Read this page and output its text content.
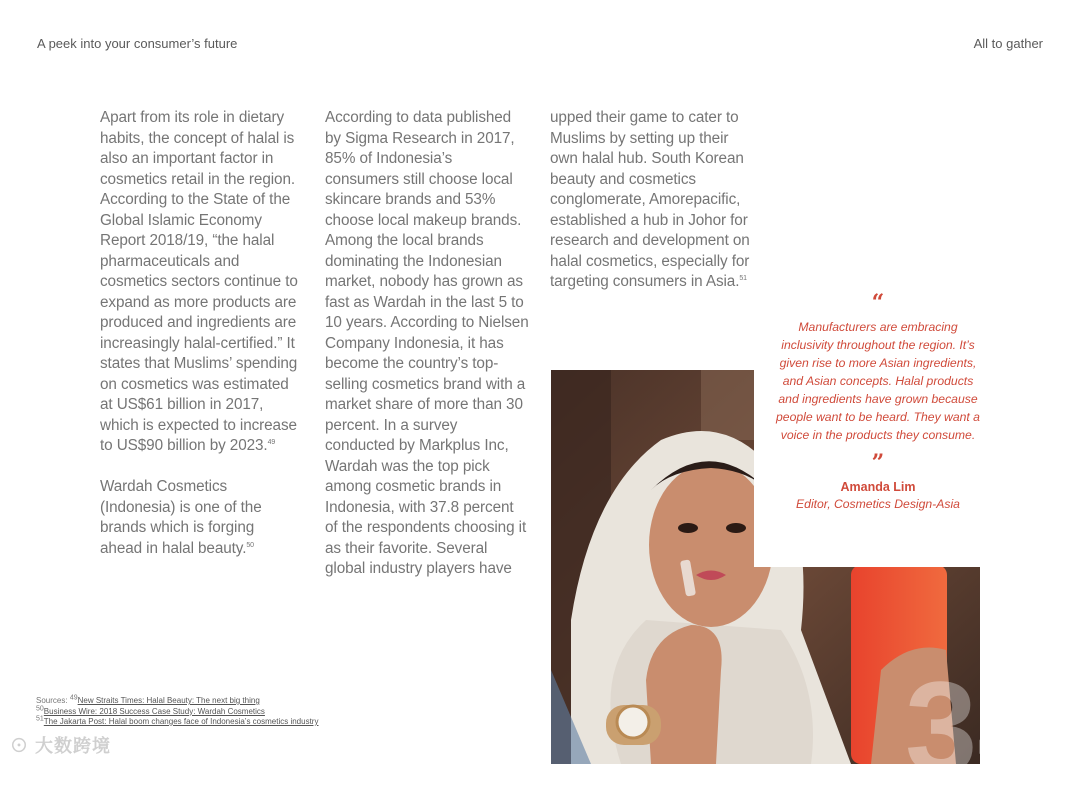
A peek into your consumer’s future	All to gather

Apart from its role in dietary habits, the concept of halal is also an important factor in cosmetics retail in the region. According to the State of the Global Islamic Economy Report 2018/19, “the halal pharmaceuticals and cosmetics sectors continue to expand as more products are produced and ingredients are increasingly halal-certified.” It states that Muslims’ spending on cosmetics was estimated at US$61 billion in 2017, which is expected to increase to US$90 billion by 2023.49

Wardah Cosmetics (Indonesia) is one of the brands which is forging ahead in halal beauty.$^{50}$

According to data published by Sigma Research in 2017, 85% of Indonesia’s consumers still choose local skincare brands and 53% choose local makeup brands. Among the local brands dominating the Indonesian market, nobody has grown as fast as Wardah in the last 5 to 10 years. According to Nielsen Company Indonesia, it has become the country’s top-selling cosmetics brand with a market share of more than 30 percent. In a survey conducted by Markplus Inc, Wardah was the top pick among cosmetic brands in Indonesia, with 37.8 percent of the respondents choosing it as their favorite. Several global industry players have

upped their game to cater to Muslims by setting up their own halal hub. South Korean beauty and cosmetics conglomerate, Amorepacific, established a hub in Johor for research and development on halal cosmetics, especially for targeting consumers in Asia.$^{51}$

“
Manufacturers are embracing inclusivity throughout the region. It’s given rise to more Asian ingredients, and Asian concepts. Halal products and ingredients have grown because people want to be heard. They want a voice in the products they consume.
”
Amanda Lim
Editor, Cosmetics Design-Asia
34
Sources: $^{49}$New Straits Times: Halal Beauty: The next big thing
$^{50}$Business Wire: 2018 Success Case Study: Wardah Cosmetics
$^{51}$The Jakarta Post: Halal boom changes face of Indonesia’s cosmetics industry
⊙ 大数跨境
